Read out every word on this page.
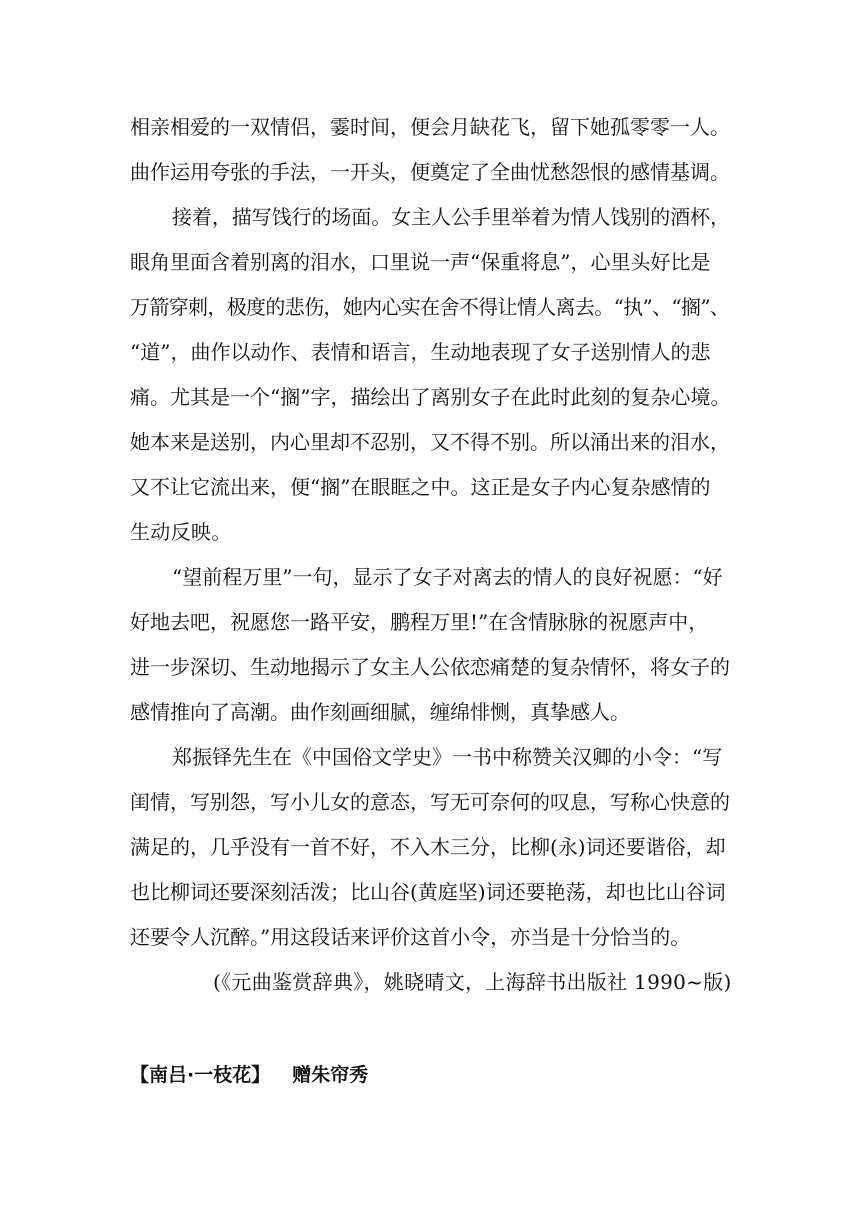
相亲相爱的一双情侣，霎时间，便会月缺花飞，留下她孤零零一人。
曲作运用夸张的手法，一开头，便奠定了全曲忧愁怨恨的感情基调。
接着，描写饯行的场面。女主人公手里举着为情人饯别的酒杯，
眼角里面含着别离的泪水，口里说一声“保重将息”，心里头好比是
万箭穿刺，极度的悲伤，她内心实在舍不得让情人离去。“执”、“搁”、
“道”，曲作以动作、表情和语言，生动地表现了女子送别情人的悲
痛。尤其是一个“搁”字，描绘出了离别女子在此时此刻的复杂心境。
她本来是送别，内心里却不忍别，又不得不别。所以涌出来的泪水，
又不让它流出来，便“搁”在眼眶之中。这正是女子内心复杂感情的
生动反映。
“望前程万里”一句，显示了女子对离去的情人的良好祝愿：“好
好地去吧，祝愿您一路平安，鹏程万里!”在含情脉脉的祝愿声中，
进一步深切、生动地揭示了女主人公依恋痛楚的复杂情怀，将女子的
感情推向了高潮。曲作刻画细腻，缠绵悱恻，真挚感人。
郑振铎先生在《中国俗文学史》一书中称赞关汉卿的小令：“写
闺情，写别怨，写小儿女的意态，写无可奈何的叹息，写称心快意的
满足的，几乎没有一首不好，不入木三分，比柳(永)词还要谐俗，却
也比柳词还要深刻活泼；比山谷(黄庭坚)词还要艳荡，却也比山谷词
还要令人沉醉。”用这段话来评价这首小令，亦当是十分恰当的。
(《元曲鉴赏辞典》，姚晓晴文，上海辞书出版社 1990~版)
【南吕·一枝花】 赠朱帘秀
